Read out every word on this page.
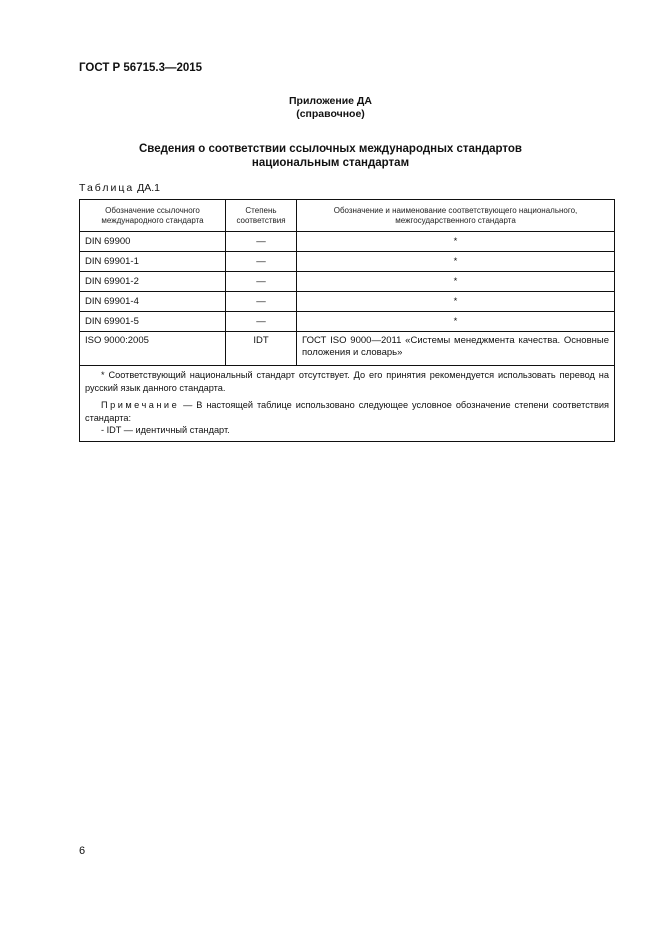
ГОСТ Р 56715.3—2015
Приложение ДА
(справочное)
Сведения о соответствии ссылочных международных стандартов
национальным стандартам
Таблица ДА.1
Обозначение ссылочного международного стандарта	Степень соответствия	Обозначение и наименование соответствующего национального, межгосударственного стандарта
DIN 69900	—	*
DIN 69901-1	—	*
DIN 69901-2	—	*
DIN 69901-4	—	*
DIN 69901-5	—	*
ISO 9000:2005	IDT	ГОСТ ISO 9000—2011 «Системы менеджмента качества. Основные положения и словарь»

* Соответствующий национальный стандарт отсутствует. До его принятия рекомендуется использовать перевод на русский язык данного стандарта.

Примечание — В настоящей таблице использовано следующее условное обозначение степени соответствия стандарта:

- IDT — идентичный стандарт.		

6
